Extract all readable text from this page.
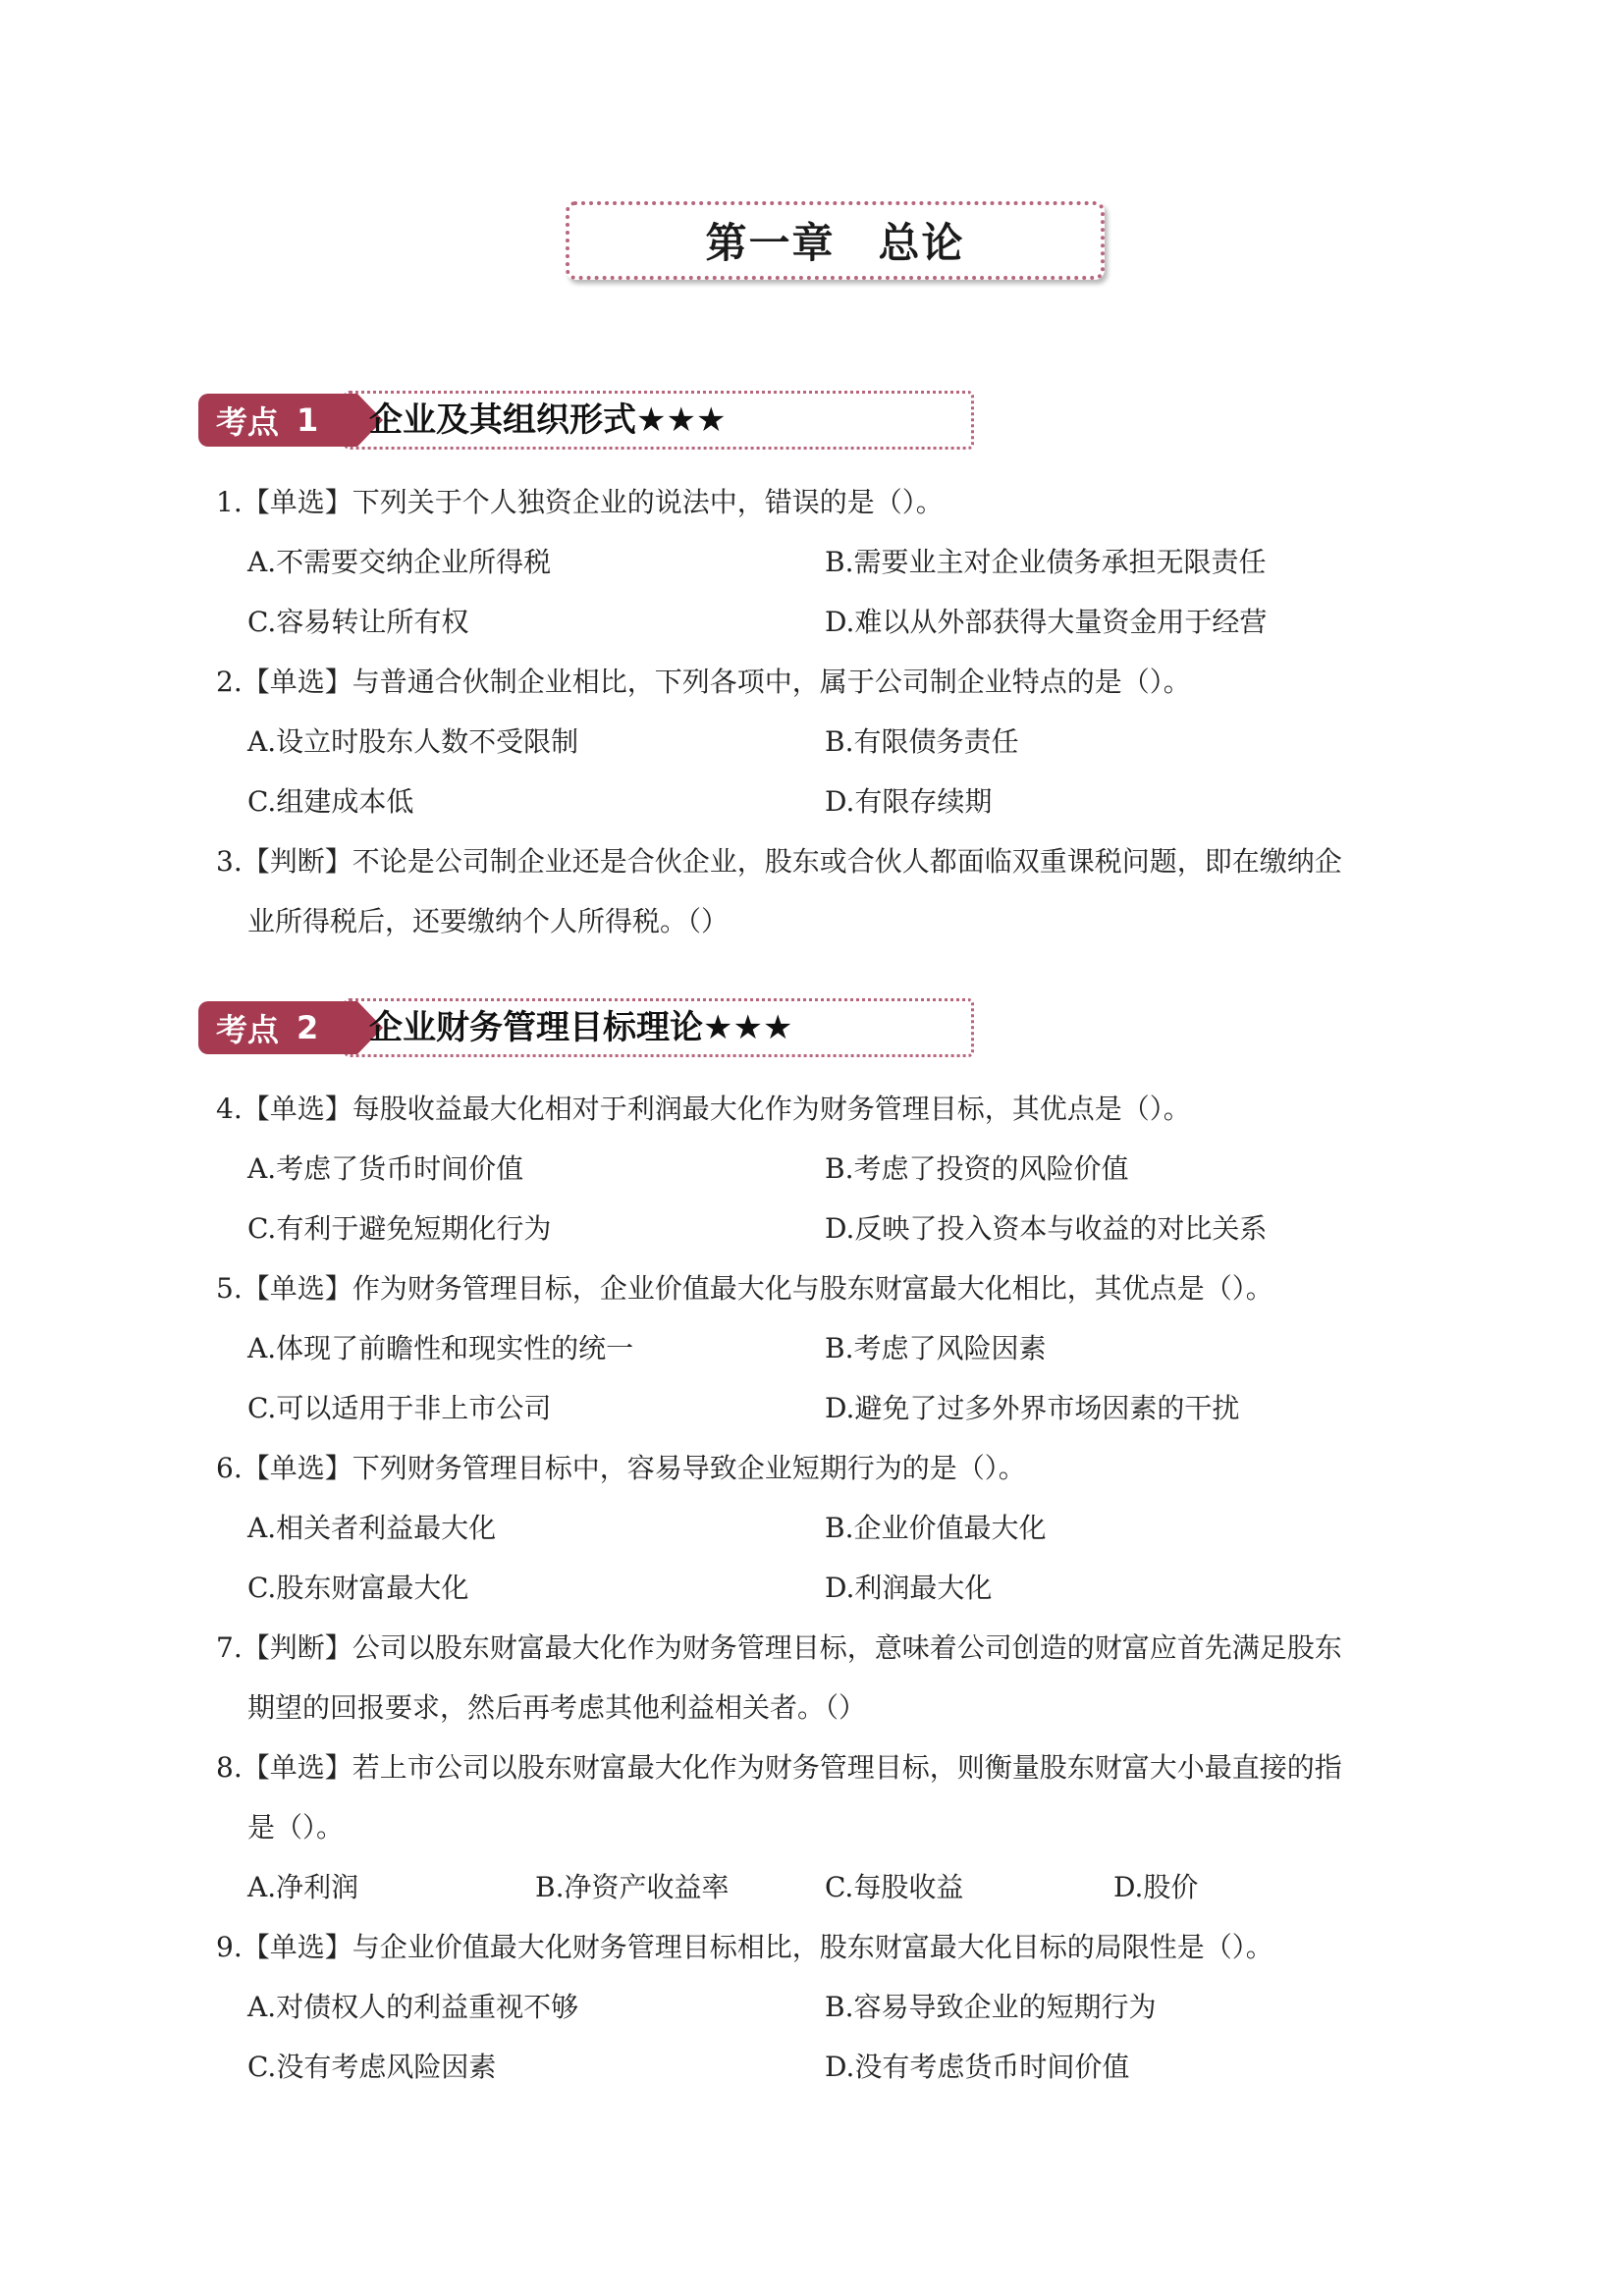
第一章　总论
考点 1 企业及其组织形式★★★
1.【单选】下列关于个人独资企业的说法中，错误的是（）。
A.不需要交纳企业所得税	B.需要业主对企业债务承担无限责任
C.容易转让所有权	D.难以从外部获得大量资金用于经营
2.【单选】与普通合伙制企业相比，下列各项中，属于公司制企业特点的是（）。
A.设立时股东人数不受限制	B.有限债务责任
C.组建成本低	D.有限存续期
3.【判断】不论是公司制企业还是合伙企业，股东或合伙人都面临双重课税问题，即在缴纳企
业所得税后，还要缴纳个人所得税。（）
考点 2 企业财务管理目标理论★★★
4.【单选】每股收益最大化相对于利润最大化作为财务管理目标，其优点是（）。
A.考虑了货币时间价值	B.考虑了投资的风险价值
C.有利于避免短期化行为	D.反映了投入资本与收益的对比关系
5.【单选】作为财务管理目标，企业价值最大化与股东财富最大化相比，其优点是（）。
A.体现了前瞻性和现实性的统一	B.考虑了风险因素
C.可以适用于非上市公司	D.避免了过多外界市场因素的干扰
6.【单选】下列财务管理目标中，容易导致企业短期行为的是（）。
A.相关者利益最大化	B.企业价值最大化
C.股东财富最大化	D.利润最大化
7.【判断】公司以股东财富最大化作为财务管理目标，意味着公司创造的财富应首先满足股东
期望的回报要求，然后再考虑其他利益相关者。（）
8.【单选】若上市公司以股东财富最大化作为财务管理目标，则衡量股东财富大小最直接的指
是（）。
A.净利润	B.净资产收益率	C.每股收益	D.股价
9.【单选】与企业价值最大化财务管理目标相比，股东财富最大化目标的局限性是（）。
A.对债权人的利益重视不够	B.容易导致企业的短期行为
C.没有考虑风险因素	D.没有考虑货币时间价值
